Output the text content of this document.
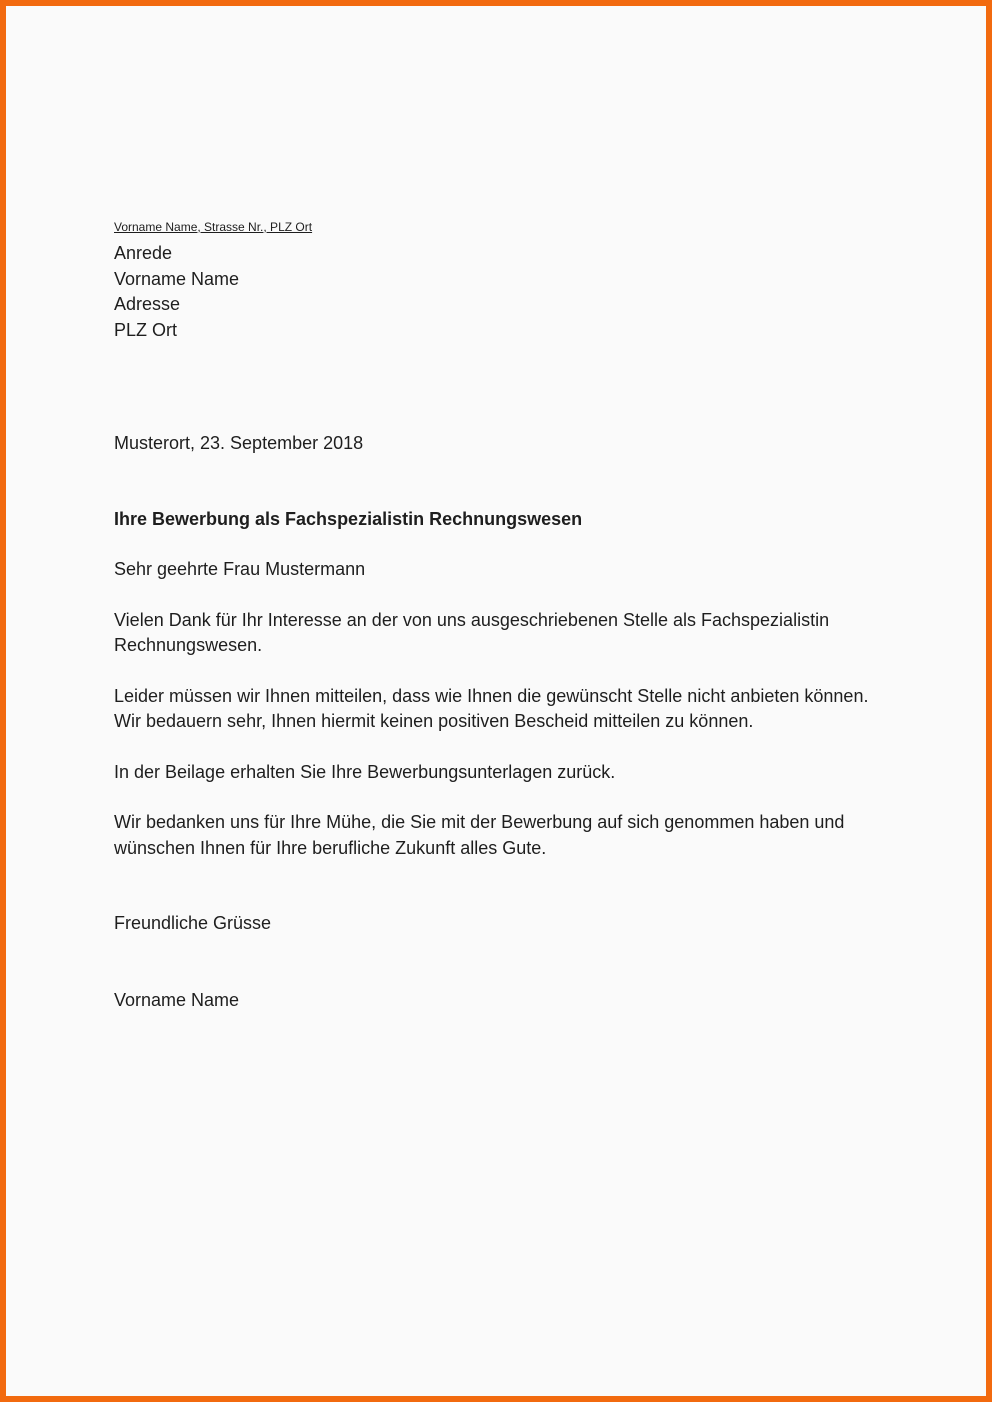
Vorname Name, Strasse Nr., PLZ Ort

Anrede

Vorname Name

Adresse

PLZ Ort

Musterort, 23. September 2018

Ihre Bewerbung als Fachspezialistin Rechnungswesen

Sehr geehrte Frau Mustermann

Vielen Dank für Ihr Interesse an der von uns ausgeschriebenen Stelle als Fachspezialistin
Rechnungswesen.

Leider müssen wir Ihnen mitteilen, dass wie Ihnen die gewünscht Stelle nicht anbieten können.
Wir bedauern sehr, Ihnen hiermit keinen positiven Bescheid mitteilen zu können.

In der Beilage erhalten Sie Ihre Bewerbungsunterlagen zurück.

Wir bedanken uns für Ihre Mühe, die Sie mit der Bewerbung auf sich genommen haben und
wünschen Ihnen für Ihre berufliche Zukunft alles Gute.

Freundliche Grüsse

Vorname Name
